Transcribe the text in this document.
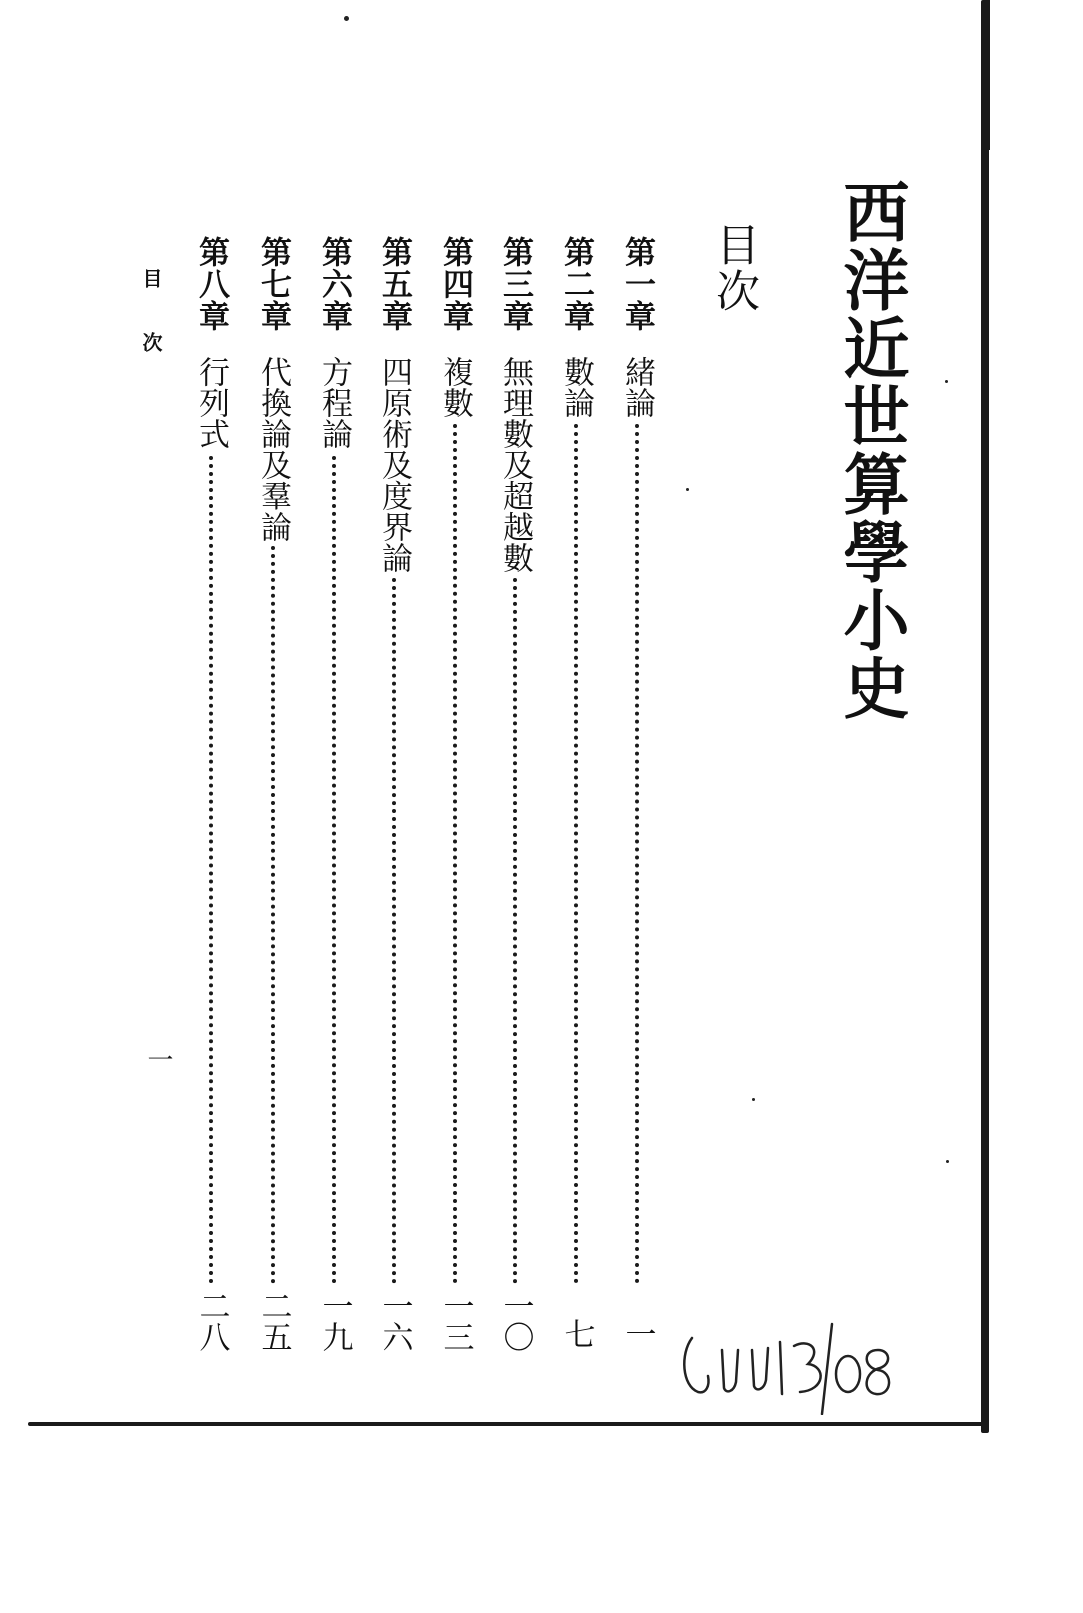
西洋近世算學小史
目次
第一章
緒論
一
第二章
數論
七
第三章
無理數及超越數
一〇
第四章
複數
一三
第五章
四原術及度界論
一六
第六章
方程論
一九
第七章
代換論及羣論
二五
第八章
行列式
二八
目次
一
